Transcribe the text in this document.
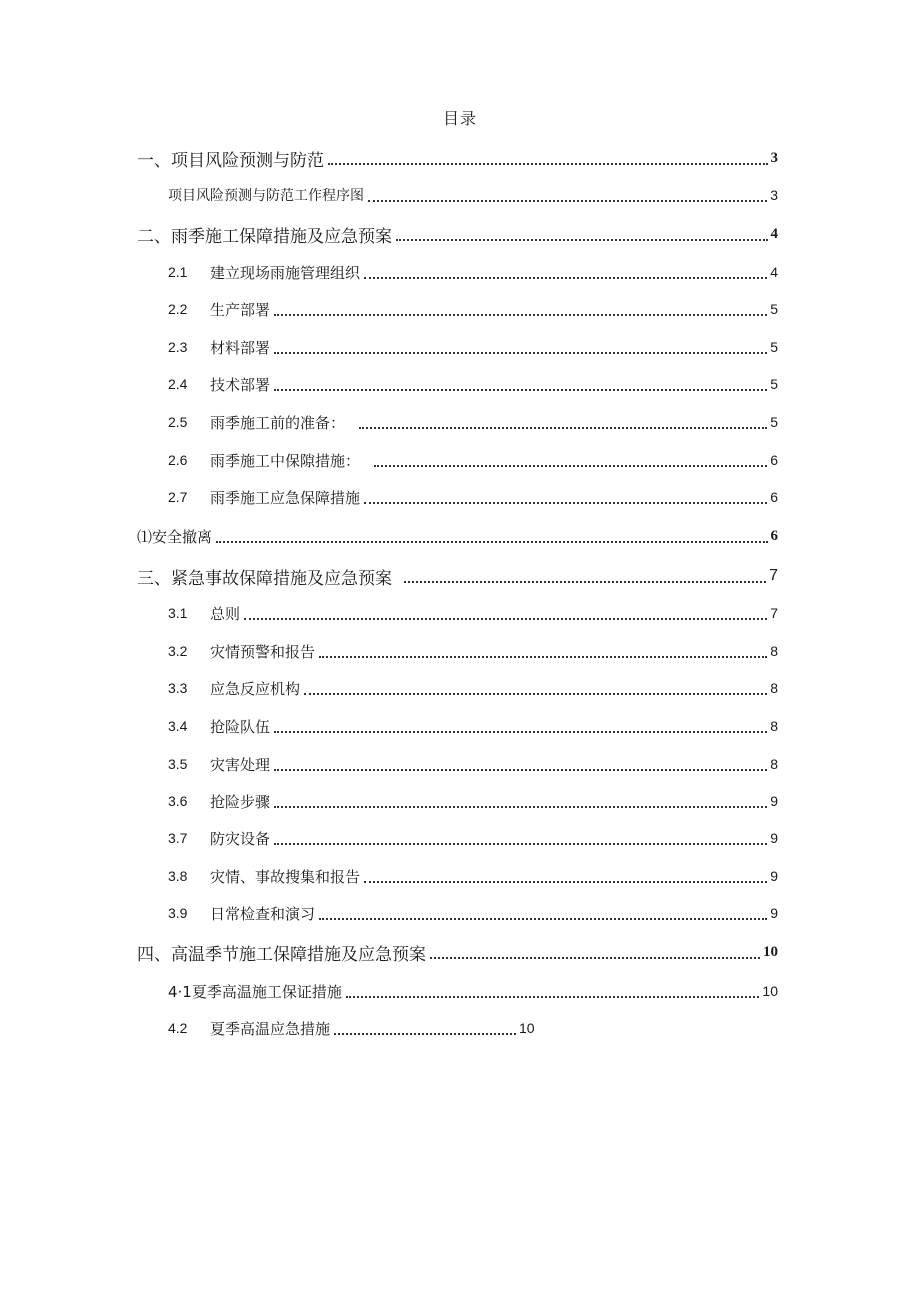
目录
一、项目风险预测与防范	3
项目风险预测与防范工作程序图	3
二、雨季施工保障措施及应急预案	4
2.1	建立现场雨施管理组织	4
2.2	生产部署	5
2.3	材料部署	5
2.4	技术部署	5
2.5	雨季施工前的准备：	5
2.6	雨季施工中保隙措施：	6
2.7	雨季施工应急保障措施	6
⑴安全撤离	6
三、紧急事故保障措施及应急预案	7
3.1	总则	7
3.2	灾情预警和报告	8
3.3	应急反应机构	8
3.4	抢险队伍	8
3.5	灾害处理	8
3.6	抢险步骤	9
3.7	防灾设备	9
3.8	灾情、事故搜集和报告	9
3.9	日常检查和演习	9
四、高温季节施工保障措施及应急预案	10
4·1夏季高温施工保证措施	10
4.2	夏季高温应急措施	10
